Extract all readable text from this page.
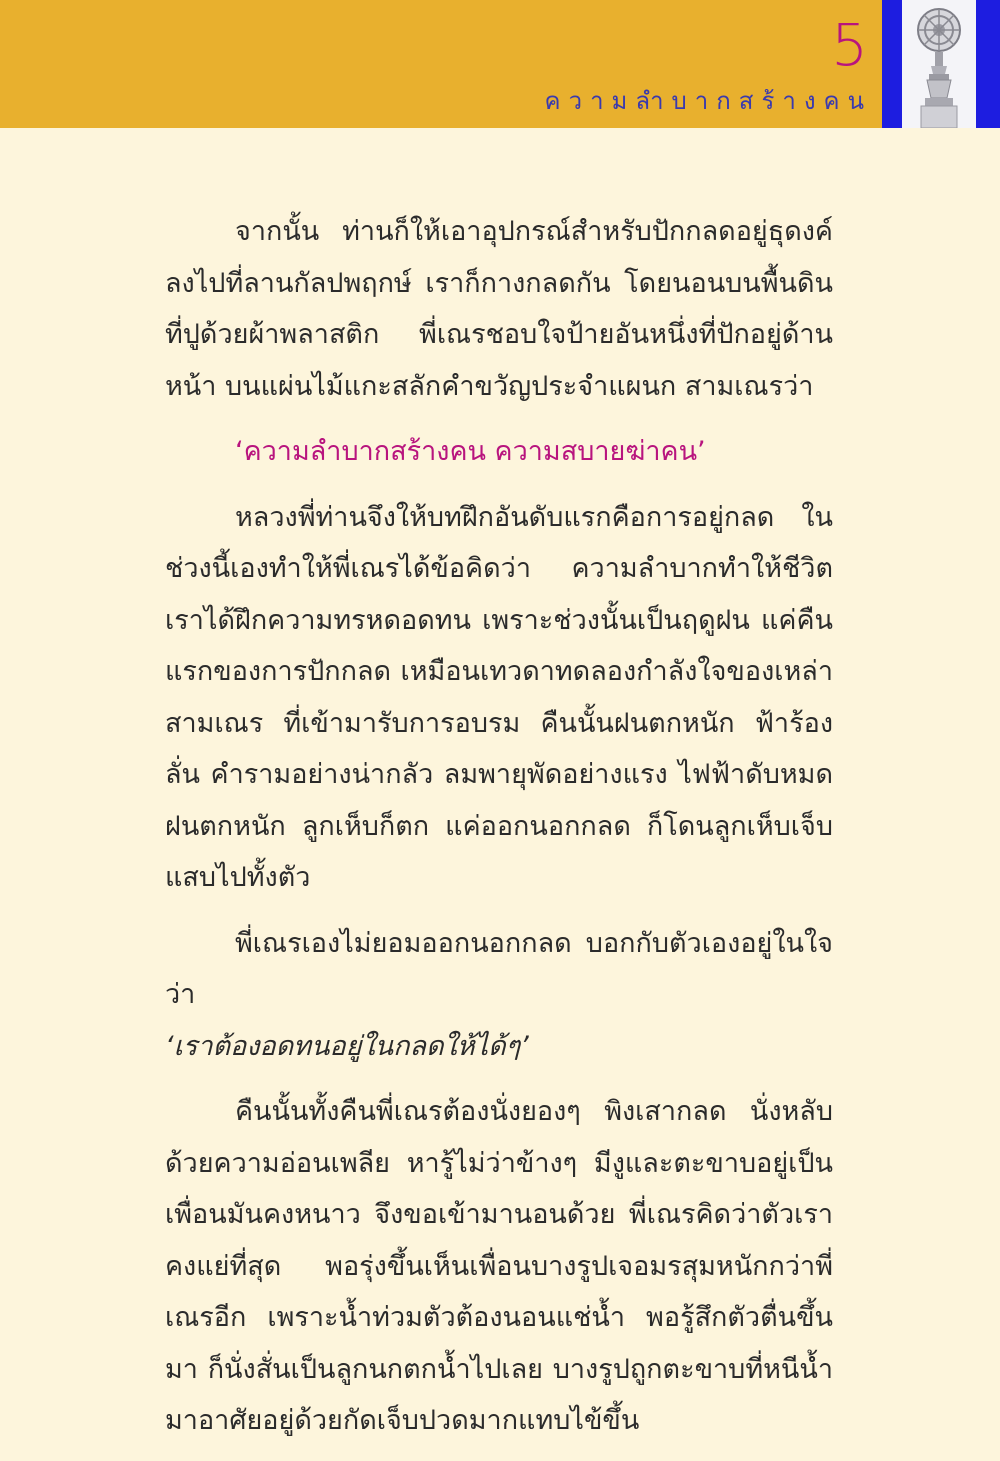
5
ความลำบากสร้างคน

จากนั้น ท่านก็ให้เอาอุปกรณ์สำหรับปักกลดอยู่ธุดงค์ลงไปที่ลานกัลปพฤกษ์ เราก็กางกลดกัน โดยนอนบนพื้นดินที่ปูด้วยผ้าพลาสติก พี่เณรชอบใจป้ายอันหนึ่งที่ปักอยู่ด้านหน้า บนแผ่นไม้แกะสลักคำขวัญประจำแผนก สามเณรว่า

‘ความลำบากสร้างคน ความสบายฆ่าคน’

หลวงพี่ท่านจึงให้บทฝึกอันดับแรกคือการอยู่กลด ในช่วงนี้เองทำให้พี่เณรได้ข้อคิดว่า ความลำบากทำให้ชีวิตเราได้ฝึกความทรหดอดทน เพราะช่วงนั้นเป็นฤดูฝน แค่คืนแรกของการปักกลด เหมือนเทวดาทดลองกำลังใจของเหล่าสามเณร ที่เข้ามารับการอบรม คืนนั้นฝนตกหนัก ฟ้าร้องลั่น คำรามอย่างน่ากลัว ลมพายุพัดอย่างแรง ไฟฟ้าดับหมด ฝนตกหนัก ลูกเห็บก็ตก แค่ออกนอกกลด ก็โดนลูกเห็บเจ็บแสบไปทั้งตัว

พี่เณรเองไม่ยอมออกนอกกลด บอกกับตัวเองอยู่ในใจว่า
‘เราต้องอดทนอยู่ในกลดให้ได้ๆ’

คืนนั้นทั้งคืนพี่เณรต้องนั่งยองๆ พิงเสากลด นั่งหลับด้วยความอ่อนเพลีย หารู้ไม่ว่าข้างๆ มีงูและตะขาบอยู่เป็นเพื่อนมันคงหนาว จึงขอเข้ามานอนด้วย พี่เณรคิดว่าตัวเราคงแย่ที่สุด พอรุ่งขึ้นเห็นเพื่อนบางรูปเจอมรสุมหนักกว่าพี่เณรอีก เพราะน้ำท่วมตัวต้องนอนแช่น้ำ พอรู้สึกตัวตื่นขึ้นมา ก็นั่งสั่นเป็นลูกนกตกน้ำไปเลย บางรูปถูกตะขาบที่หนีน้ำมาอาศัยอยู่ด้วยกัดเจ็บปวดมากแทบไข้ขึ้น
